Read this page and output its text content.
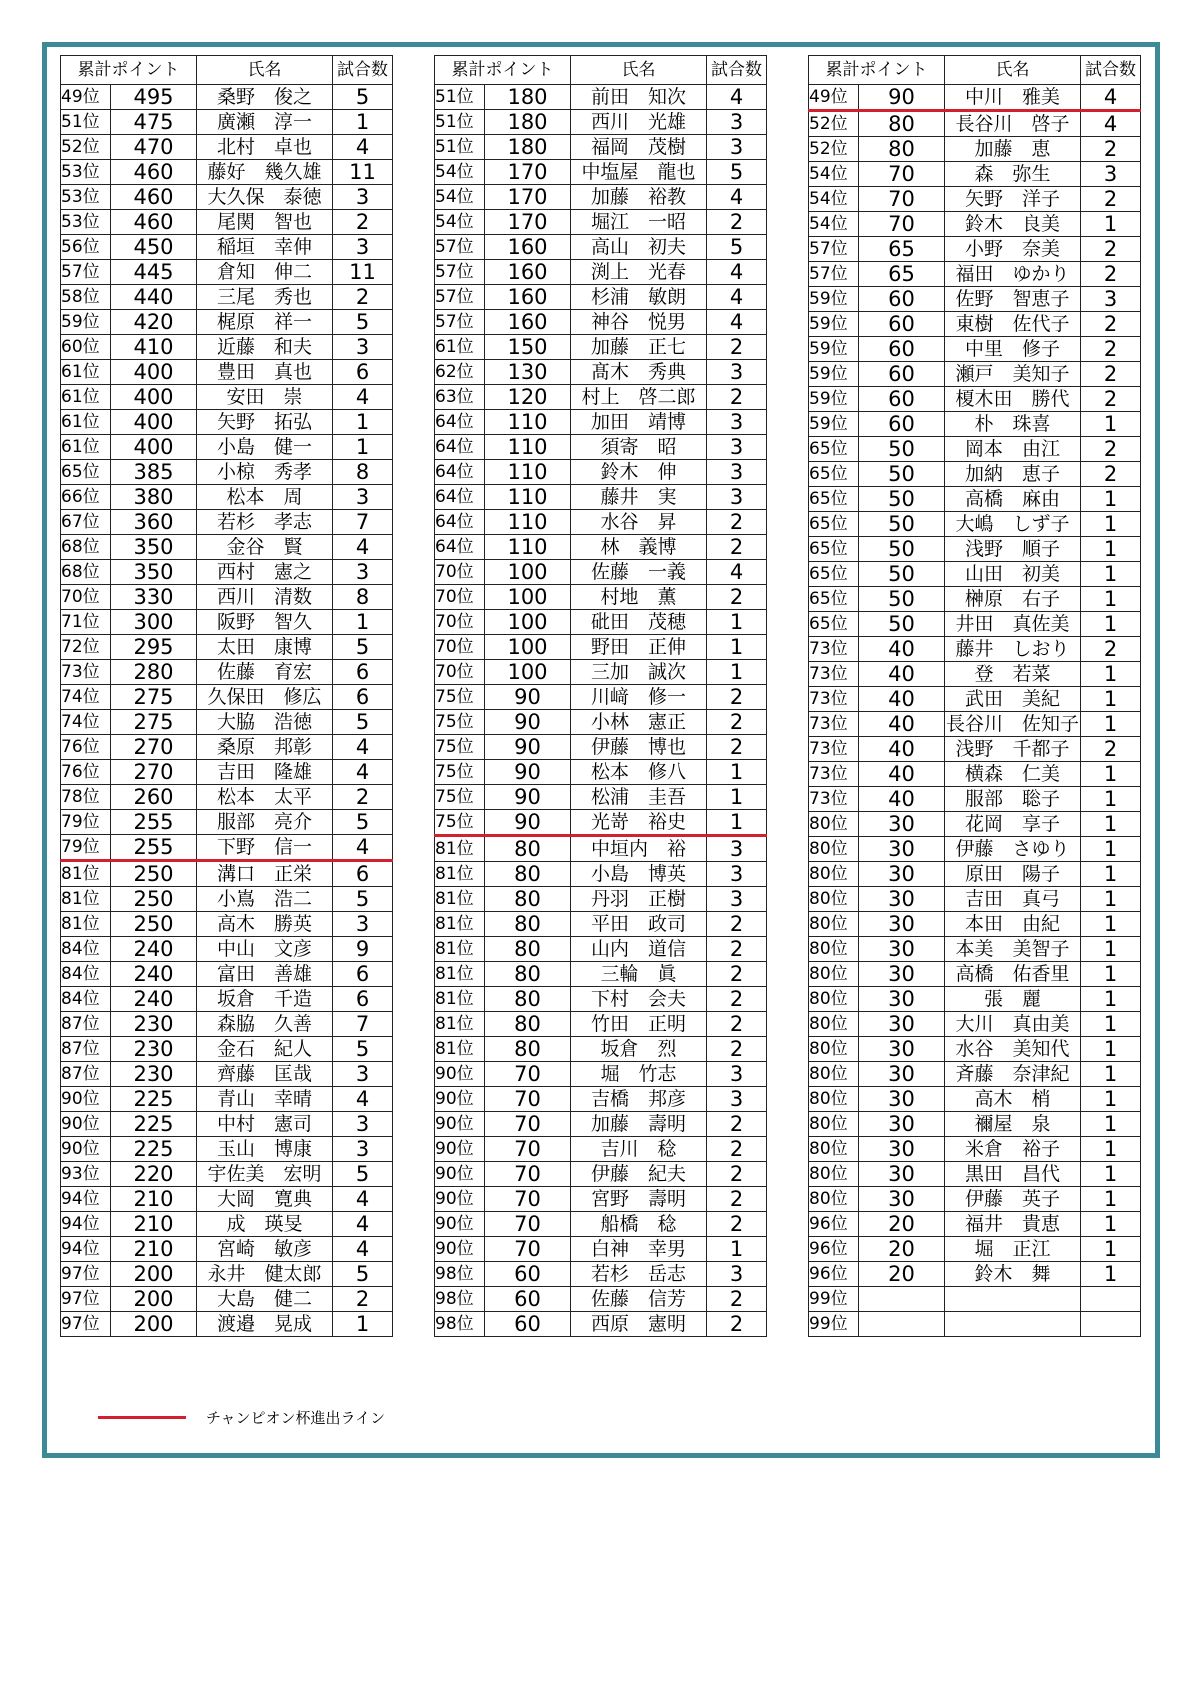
累計ポイント		氏名	試合数
49位	495	桑野　俊之	5
51位	475	廣瀬　淳一	1
52位	470	北村　卓也	4
53位	460	藤好　幾久雄	11
53位	460	大久保　泰徳	3
53位	460	尾関　智也	2
56位	450	稲垣　幸伸	3
57位	445	倉知　伸二	11
58位	440	三尾　秀也	2
59位	420	梶原　祥一	5
60位	410	近藤　和夫	3
61位	400	豊田　真也	6
61位	400	安田　崇	4
61位	400	矢野　拓弘	1
61位	400	小島　健一	1
65位	385	小椋　秀孝	8
66位	380	松本　周	3
67位	360	若杉　孝志	7
68位	350	金谷　賢	4
68位	350	西村　憲之	3
70位	330	西川　清数	8
71位	300	阪野　智久	1
72位	295	太田　康博	5
73位	280	佐藤　育宏	6
74位	275	久保田　修広	6
74位	275	大脇　浩徳	5
76位	270	桑原　邦彰	4
76位	270	吉田　隆雄	4
78位	260	松本　太平	2
79位	255	服部　亮介	5
79位	255	下野　信一	4
81位	250	溝口　正栄	6
81位	250	小嶌　浩二	5
81位	250	高木　勝英	3
84位	240	中山　文彦	9
84位	240	富田　善雄	6
84位	240	坂倉　千造	6
87位	230	森脇　久善	7
87位	230	金石　紀人	5
87位	230	齊藤　匡哉	3
90位	225	青山　幸晴	4
90位	225	中村　憲司	3
90位	225	玉山　博康	3
93位	220	宇佐美　宏明	5
94位	210	大岡　寛典	4
94位	210	成　瑛旻	4
94位	210	宮崎　敏彦	4
97位	200	永井　健太郎	5
97位	200	大島　健二	2
97位	200	渡邉　晃成	1
累計ポイント		氏名	試合数
51位	180	前田　知次	4
51位	180	西川　光雄	3
51位	180	福岡　茂樹	3
54位	170	中塩屋　龍也	5
54位	170	加藤　裕教	4
54位	170	堀江　一昭	2
57位	160	高山　初夫	5
57位	160	渕上　光春	4
57位	160	杉浦　敏朗	4
57位	160	神谷　悦男	4
61位	150	加藤　正七	2
62位	130	髙木　秀典	3
63位	120	村上　啓二郎	2
64位	110	加田　靖博	3
64位	110	須寄　昭	3
64位	110	鈴木　伸	3
64位	110	藤井　実	3
64位	110	水谷　昇	2
64位	110	林　義博	2
70位	100	佐藤　一義	4
70位	100	村地　薫	2
70位	100	砒田　茂穂	1
70位	100	野田　正伸	1
70位	100	三加　誠次	1
75位	90	川﨑　修一	2
75位	90	小林　憲正	2
75位	90	伊藤　博也	2
75位	90	松本　修八	1
75位	90	松浦　圭吾	1
75位	90	光嵜　裕史	1
81位	80	中垣内　裕	3
81位	80	小島　博英	3
81位	80	丹羽　正樹	3
81位	80	平田　政司	2
81位	80	山内　道信	2
81位	80	三輪　眞	2
81位	80	下村　会夫	2
81位	80	竹田　正明	2
81位	80	坂倉　烈	2
90位	70	堀　竹志	3
90位	70	吉橋　邦彦	3
90位	70	加藤　壽明	2
90位	70	吉川　稔	2
90位	70	伊藤　紀夫	2
90位	70	宮野　壽明	2
90位	70	船橋　稔	2
90位	70	白神　幸男	1
98位	60	若杉　岳志	3
98位	60	佐藤　信芳	2
98位	60	西原　憲明	2
累計ポイント		氏名	試合数
49位	90	中川　雅美	4
52位	80	長谷川　啓子	4
52位	80	加藤　恵	2
54位	70	森　弥生	3
54位	70	矢野　洋子	2
54位	70	鈴木　良美	1
57位	65	小野　奈美	2
57位	65	福田　ゆかり	2
59位	60	佐野　智恵子	3
59位	60	東樹　佐代子	2
59位	60	中里　修子	2
59位	60	瀬戸　美知子	2
59位	60	榎木田　勝代	2
59位	60	朴　珠喜	1
65位	50	岡本　由江	2
65位	50	加納　恵子	2
65位	50	高橋　麻由	1
65位	50	大嶋　しず子	1
65位	50	浅野　順子	1
65位	50	山田　初美	1
65位	50	榊原　右子	1
65位	50	井田　真佐美	1
73位	40	藤井　しおり	2
73位	40	登　若菜	1
73位	40	武田　美紀	1
73位	40	長谷川　佐知子	1
73位	40	浅野　千都子	2
73位	40	横森　仁美	1
73位	40	服部　聡子	1
80位	30	花岡　享子	1
80位	30	伊藤　さゆり	1
80位	30	原田　陽子	1
80位	30	吉田　真弓	1
80位	30	本田　由紀	1
80位	30	本美　美智子	1
80位	30	高橋　佑香里	1
80位	30	張　麗	1
80位	30	大川　真由美	1
80位	30	水谷　美知代	1
80位	30	斉藤　奈津紀	1
80位	30	高木　梢	1
80位	30	禰屋　泉	1
80位	30	米倉　裕子	1
80位	30	黒田　昌代	1
80位	30	伊藤　英子	1
96位	20	福井　貴恵	1
96位	20	堀　正江	1
96位	20	鈴木　舞	1
99位			
99位			
チャンピオン杯進出ライン
